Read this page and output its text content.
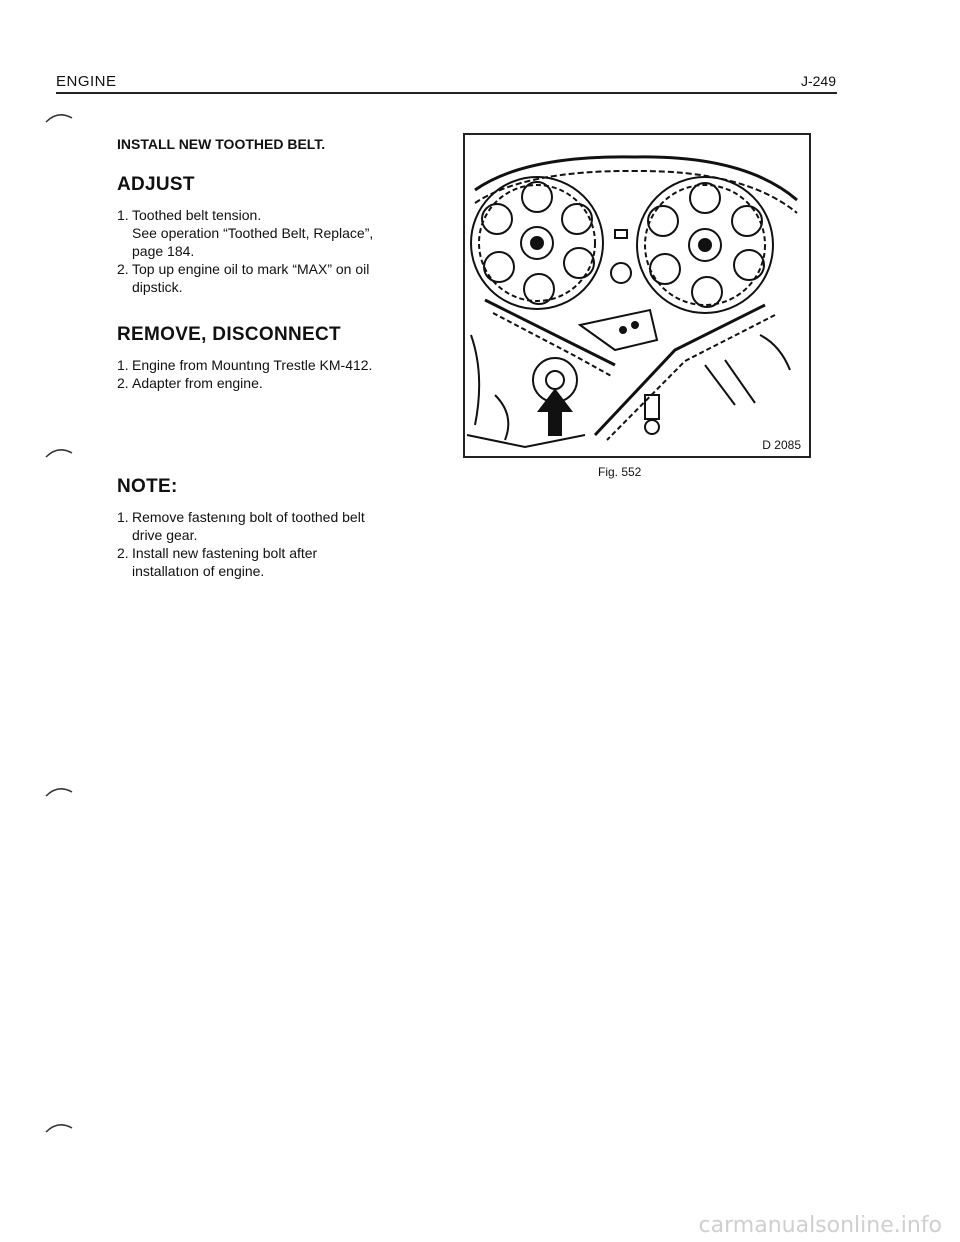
ENGINE	J-249

INSTALL NEW TOOTHED BELT.

ADJUST
1. Toothed belt tension.
See operation “Toothed Belt, Replace”,
page 184.
2. Top up engine oil to mark “MAX” on oil
dipstick.
REMOVE, DISCONNECT
1. Engine from Mountıng Trestle KM-412.
2. Adapter from engine.
NOTE:
1. Remove fastenıng bolt of toothed belt
drive gear.
2. Install new fastening bolt after
installatıon of engine.
D 2085
Fig. 552
carmanualsonline.info
